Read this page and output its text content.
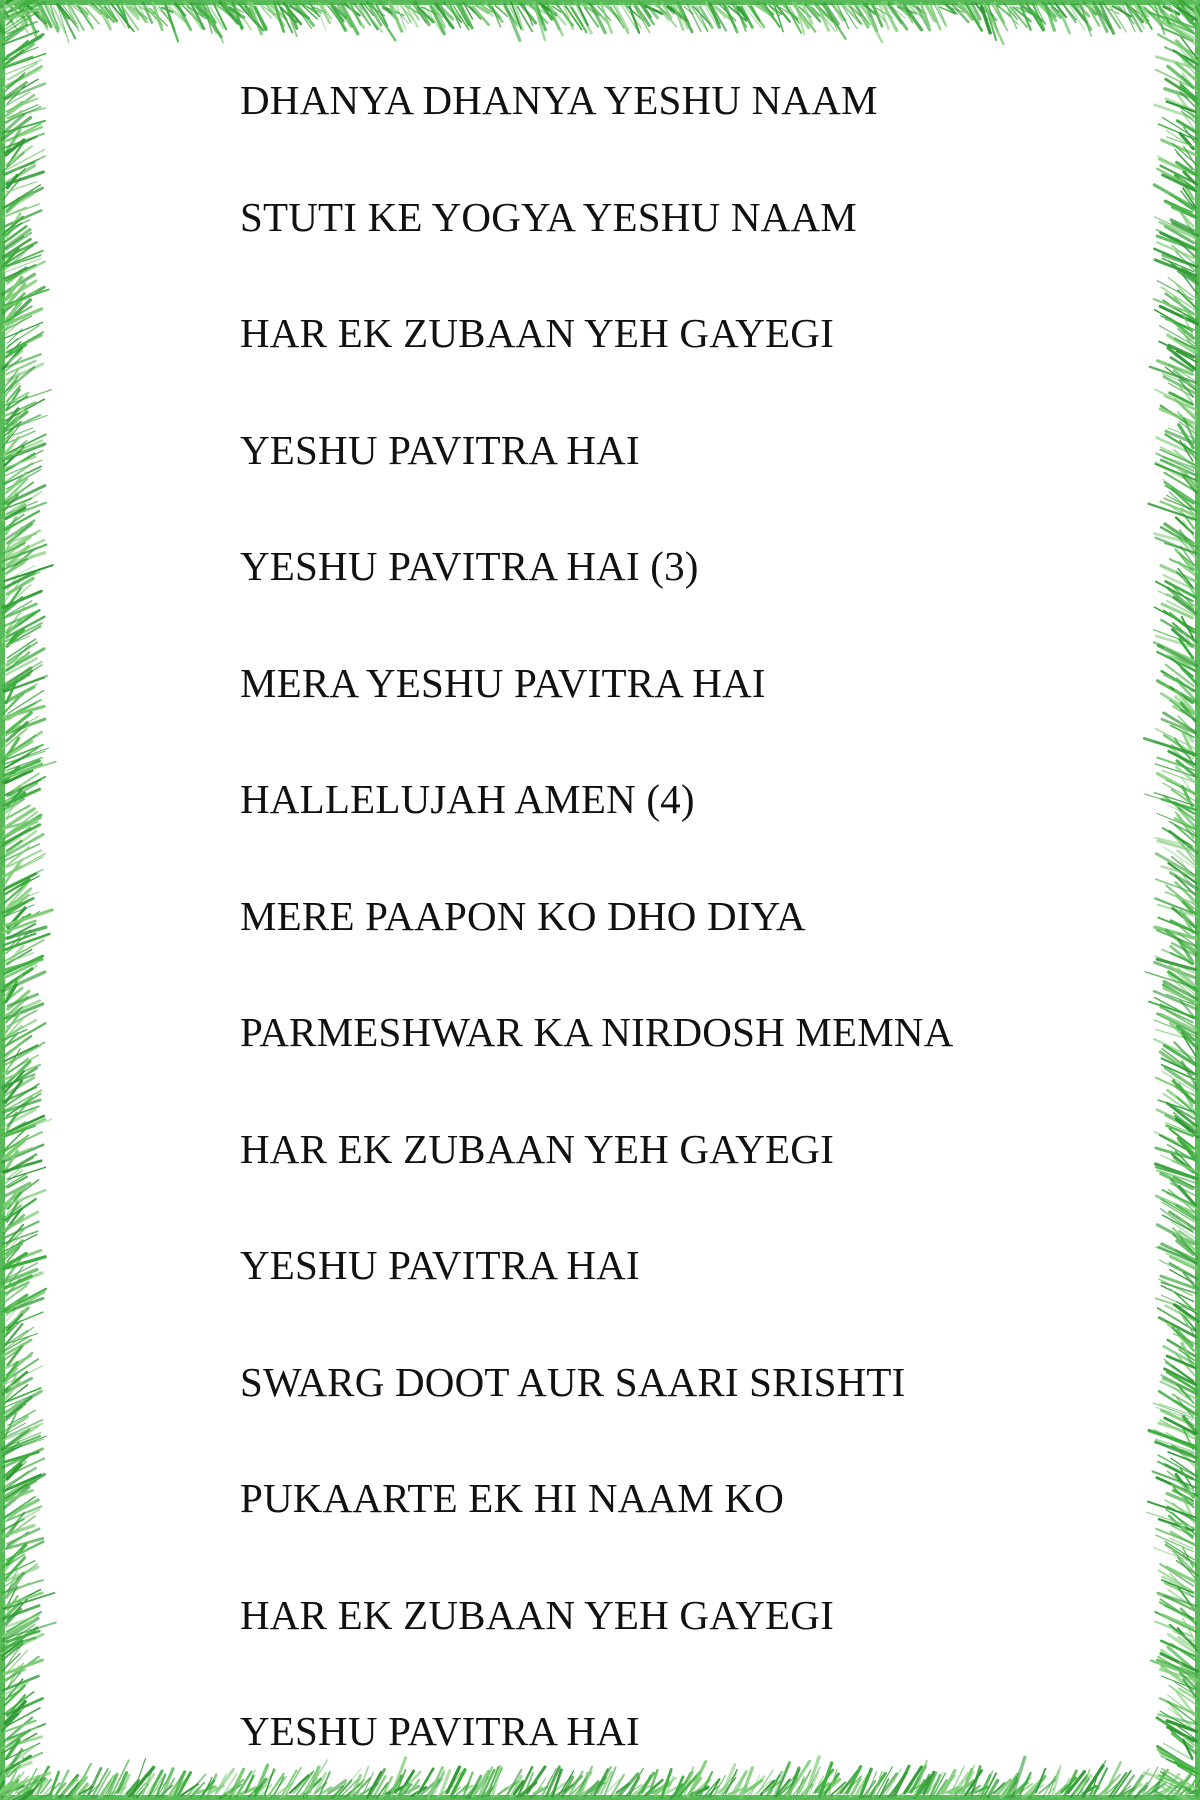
DHANYA DHANYA YESHU NAAM
STUTI KE YOGYA YESHU NAAM
HAR EK ZUBAAN YEH GAYEGI
YESHU PAVITRA HAI
YESHU PAVITRA HAI (3)
MERA YESHU PAVITRA HAI
HALLELUJAH AMEN (4)
MERE PAAPON KO DHO DIYA
PARMESHWAR KA NIRDOSH MEMNA
HAR EK ZUBAAN YEH GAYEGI
YESHU PAVITRA HAI
SWARG DOOT AUR SAARI SRISHTI
PUKAARTE EK HI NAAM KO
HAR EK ZUBAAN YEH GAYEGI
YESHU PAVITRA HAI
